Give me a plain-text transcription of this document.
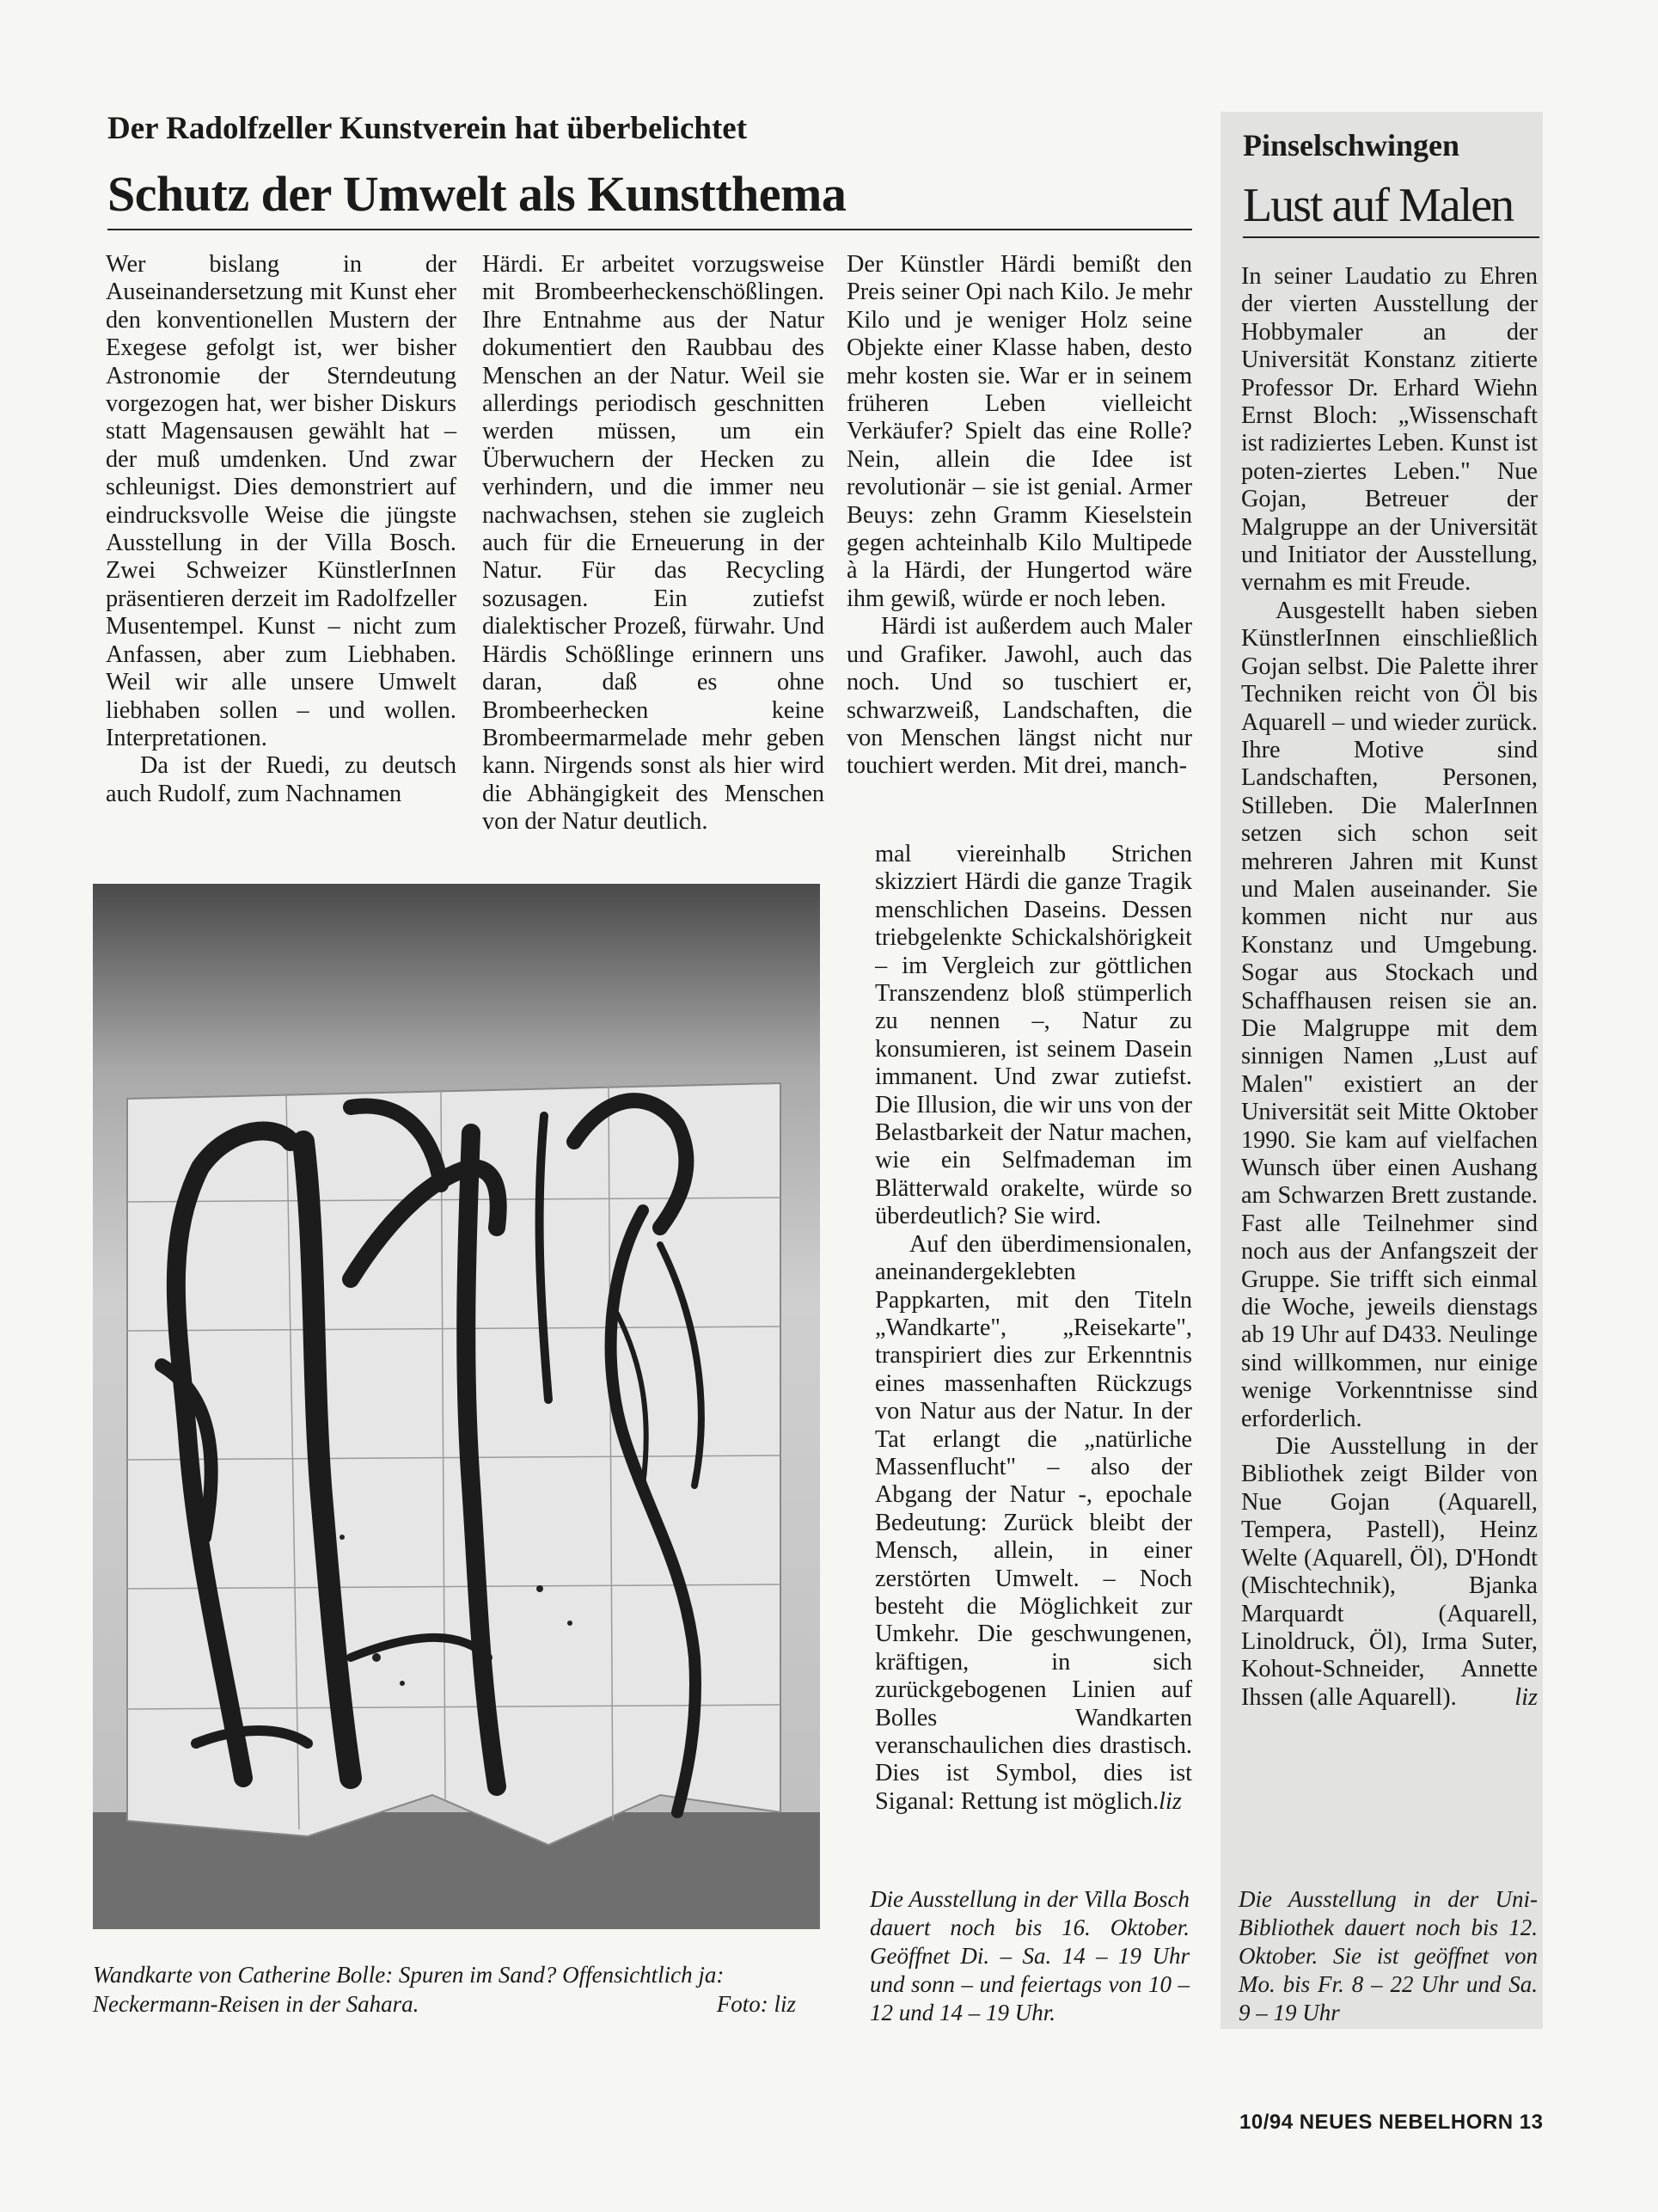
Der Radolfzeller Kunstverein hat überbelichtet
Schutz der Umwelt als Kunstthema

Wer bislang in der Auseinandersetzung mit Kunst eher den konventionellen Mustern der Exegese gefolgt ist, wer bisher Astronomie der Sterndeutung vorgezogen hat, wer bisher Diskurs statt Magensausen gewählt hat – der muß umdenken. Und zwar schleunigst. Dies demonstriert auf eindrucksvolle Weise die jüngste Ausstellung in der Villa Bosch. Zwei Schweizer KünstlerInnen präsentieren derzeit im Radolfzeller Musentempel. Kunst – nicht zum Anfassen, aber zum Liebhaben. Weil wir alle unsere Umwelt liebhaben sollen – und wollen. Interpretationen.

Da ist der Ruedi, zu deutsch auch Rudolf, zum Nachnamen

Härdi. Er arbeitet vorzugsweise mit Brombeerheckenschößlingen. Ihre Entnahme aus der Natur dokumentiert den Raubbau des Menschen an der Natur. Weil sie allerdings periodisch geschnitten werden müssen, um ein Überwuchern der Hecken zu verhindern, und die immer neu nachwachsen, stehen sie zugleich auch für die Erneuerung in der Natur. Für das Recycling sozusagen. Ein zutiefst dialektischer Prozeß, fürwahr. Und Härdis Schößlinge erinnern uns daran, daß es ohne Brombeerhecken keine Brombeermarmelade mehr geben kann. Nirgends sonst als hier wird die Abhängigkeit des Menschen von der Natur deutlich.

Der Künstler Härdi bemißt den Preis seiner Opi nach Kilo. Je mehr Kilo und je weniger Holz seine Objekte einer Klasse haben, desto mehr kosten sie. War er in seinem früheren Leben vielleicht Verkäufer? Spielt das eine Rolle? Nein, allein die Idee ist revolutionär – sie ist genial. Armer Beuys: zehn Gramm Kieselstein gegen achteinhalb Kilo Multipede à la Härdi, der Hungertod wäre ihm gewiß, würde er noch leben.

Härdi ist außerdem auch Maler und Grafiker. Jawohl, auch das noch. Und so tuschiert er, schwarzweiß, Landschaften, die von Menschen längst nicht nur touchiert werden. Mit drei, manch-

mal viereinhalb Strichen skizziert Härdi die ganze Tragik menschlichen Daseins. Dessen triebgelenkte Schickalshörigkeit – im Vergleich zur göttlichen Transzendenz bloß stümperlich zu nennen –, Natur zu konsumieren, ist seinem Dasein immanent. Und zwar zutiefst. Die Illusion, die wir uns von der Belastbarkeit der Natur machen, wie ein Selfmademan im Blätterwald orakelte, würde so überdeutlich? Sie wird.

Auf den überdimensionalen, aneinandergeklebten Pappkarten, mit den Titeln „Wandkarte", „Reisekarte", transpiriert dies zur Erkenntnis eines massenhaften Rückzugs von Natur aus der Natur. In der Tat erlangt die „natürliche Massenflucht" – also der Abgang der Natur -, epochale Bedeutung: Zurück bleibt der Mensch, allein, in einer zerstörten Umwelt. – Noch besteht die Möglichkeit zur Umkehr. Die geschwungenen, kräftigen, in sich zurückgebogenen Linien auf Bolles Wandkarten veranschaulichen dies drastisch. Dies ist Symbol, dies ist Siganal: Rettung ist möglich.liz

Wandkarte von Catherine Bolle: Spuren im Sand? Offensichtlich ja:
Neckermann-Reisen in der Sahara.	Foto: liz
Die Ausstellung in der Villa Bosch dauert noch bis 16. Oktober. Geöffnet Di. – Sa. 14 – 19 Uhr und sonn – und feiertags von 10 – 12 und 14 – 19 Uhr.
Pinselschwingen
Lust auf Malen

In seiner Laudatio zu Ehren der vierten Ausstellung der Hobbymaler an der Universität Konstanz zitierte Professor Dr. Erhard Wiehn Ernst Bloch: „Wissenschaft ist radiziertes Leben. Kunst ist poten-ziertes Leben." Nue Gojan, Betreuer der Malgruppe an der Universität und Initiator der Ausstellung, vernahm es mit Freude.

Ausgestellt haben sieben KünstlerInnen einschließlich Gojan selbst. Die Palette ihrer Techniken reicht von Öl bis Aquarell – und wieder zurück. Ihre Motive sind Landschaften, Personen, Stilleben. Die MalerInnen setzen sich schon seit mehreren Jahren mit Kunst und Malen auseinander. Sie kommen nicht nur aus Konstanz und Umgebung. Sogar aus Stockach und Schaffhausen reisen sie an. Die Malgruppe mit dem sinnigen Namen „Lust auf Malen" existiert an der Universität seit Mitte Oktober 1990. Sie kam auf vielfachen Wunsch über einen Aushang am Schwarzen Brett zustande. Fast alle Teilnehmer sind noch aus der Anfangszeit der Gruppe. Sie trifft sich einmal die Woche, jeweils dienstags ab 19 Uhr auf D433. Neulinge sind willkommen, nur einige wenige Vorkenntnisse sind erforderlich.

Die Ausstellung in der Bibliothek zeigt Bilder von Nue Gojan (Aquarell, Tempera, Pastell), Heinz Welte (Aquarell, Öl), D'Hondt (Mischtechnik), Bjanka Marquardt (Aquarell, Linoldruck, Öl), Irma Suter, Kohout-Schneider, Annette Ihssen (alle Aquarell).	liz

Die Ausstellung in der Uni-Bibliothek dauert noch bis 12. Oktober. Sie ist geöffnet von Mo. bis Fr. 8 – 22 Uhr und Sa. 9 – 19 Uhr
10/94 NEUES NEBELHORN 13
